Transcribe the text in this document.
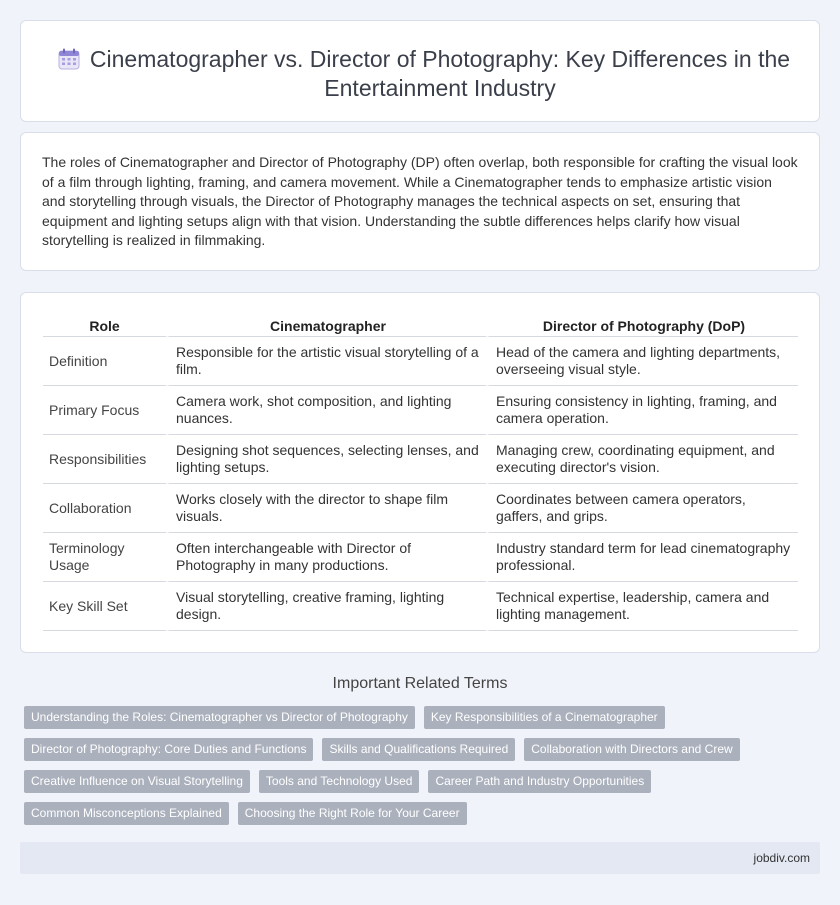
Cinematographer vs. Director of Photography: Key Differences in the Entertainment Industry

The roles of Cinematographer and Director of Photography (DP) often overlap, both responsible for crafting the visual look of a film through lighting, framing, and camera movement. While a Cinematographer tends to emphasize artistic vision and storytelling through visuals, the Director of Photography manages the technical aspects on set, ensuring that equipment and lighting setups align with that vision. Understanding the subtle differences helps clarify how visual storytelling is realized in filmmaking.

Role	Cinematographer	Director of Photography (DoP)
Definition	Responsible for the artistic visual storytelling of a film.	Head of the camera and lighting departments, overseeing visual style.
Primary Focus	Camera work, shot composition, and lighting nuances.	Ensuring consistency in lighting, framing, and camera operation.
Responsibilities	Designing shot sequences, selecting lenses, and lighting setups.	Managing crew, coordinating equipment, and executing director's vision.
Collaboration	Works closely with the director to shape film visuals.	Coordinates between camera operators, gaffers, and grips.
Terminology Usage	Often interchangeable with Director of Photography in many productions.	Industry standard term for lead cinematography professional.
Key Skill Set	Visual storytelling, creative framing, lighting design.	Technical expertise, leadership, camera and lighting management.
Important Related Terms
Understanding the Roles: Cinematographer vs Director of Photography	Key Responsibilities of a Cinematographer
Director of Photography: Core Duties and Functions	Skills and Qualifications Required	Collaboration with Directors and Crew
Creative Influence on Visual Storytelling	Tools and Technology Used	Career Path and Industry Opportunities
Common Misconceptions Explained	Choosing the Right Role for Your Career
jobdiv.com
